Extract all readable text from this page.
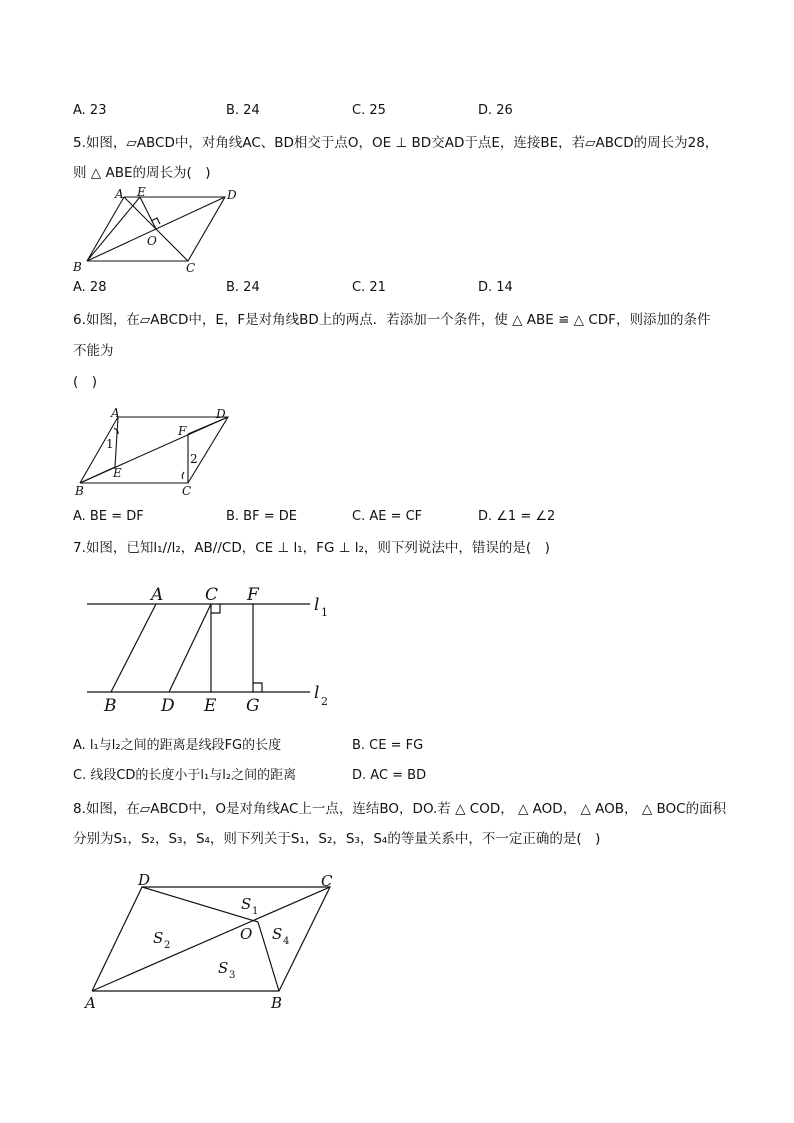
A. 23	B. 24	C. 25	D. 26
5.如图，▱ABCD中，对角线AC、BD相交于点O，OE ⊥ BD交AD于点E，连接BE，若▱ABCD的周长为28，
则 △ ABE的周长为(　)
A E	D
O
B	C
A. 28	B. 24	C. 21	D. 14
6.如图，在▱ABCD中，E，F是对角线BD上的两点．若添加一个条件，使 △ ABE ≌ △ CDF，则添加的条件
不能为
(　)
A	D
F
1
2
E
B	C
A. BE = DF	B. BF = DE	C. AE = CF	D. ∠1 = ∠2
7.如图，已知l₁//l₂，AB//CD，CE ⊥ l₁，FG ⊥ l₂，则下列说法中，错误的是(　)
A C F	l 1
B	D E G
l 2
A. l₁与l₂之间的距离是线段FG的长度	B. CE = FG
C. 线段CD的长度小于l₁与l₂之间的距离	D. AC = BD
8.如图，在▱ABCD中，O是对角线AC上一点，连结BO，DO.若 △ COD， △ AOD， △ AOB， △ BOC的面积
分别为S₁，S₂，S₃，S₄，则下列关于S₁，S₂，S₃，S₄的等量关系中，不一定正确的是(　)
D	C
S 1
S 2
O S 4
S 3
A	B
